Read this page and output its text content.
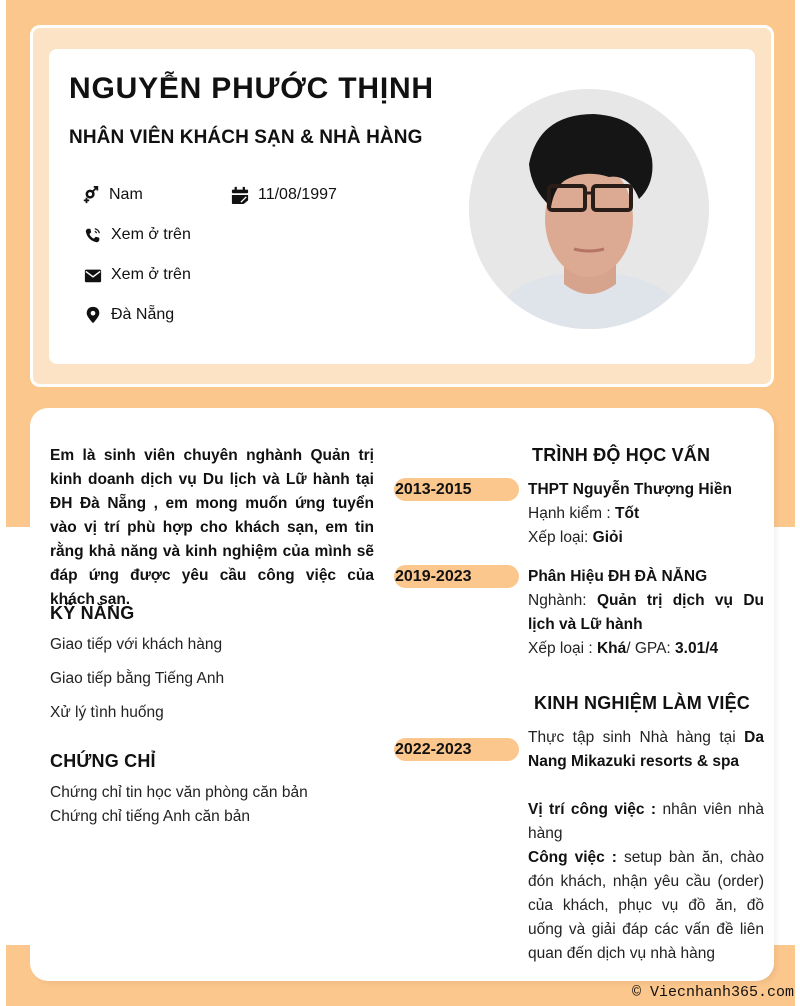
NGUYỄN PHƯỚC THỊNH
NHÂN VIÊN KHÁCH SẠN & NHÀ HÀNG
Nam	11/08/1997
Xem ở trên
Xem ở trên
Đà Nẵng
Em là sinh viên chuyên nghành Quản trị kinh doanh dịch vụ Du lịch và Lữ hành tại ĐH Đà Nẵng , em mong muốn ứng tuyển vào vị trí phù hợp cho khách sạn, em tin rằng khả năng và kinh nghiệm của mình sẽ đáp ứng được yêu cầu công việc của khách sạn.
KỸ NĂNG
Giao tiếp với khách hàng
Giao tiếp bằng Tiếng Anh
Xử lý tình huống
CHỨNG CHỈ
Chứng chỉ tin học văn phòng căn bản
Chứng chỉ tiếng Anh căn bản
TRÌNH ĐỘ HỌC VẤN
2013-2015	THPT Nguyễn Thượng Hiền
Hạnh kiểm : Tốt
Xếp loại: Giỏi
2019-2023	Phân Hiệu ĐH ĐÀ NẴNG
Nghành: Quản trị dịch vụ Du lịch và Lữ hành
Xếp loại : Khá/ GPA: 3.01/4
KINH NGHIỆM LÀM VIỆC
2022-2023
Thực tập sinh Nhà hàng tại Da Nang Mikazuki resorts & spa
Vị trí công việc : nhân viên nhà hàng
Công việc : setup bàn ăn, chào đón khách, nhận yêu cầu (order) của khách, phục vụ đồ ăn, đồ uống và giải đáp các vấn đề liên quan đến dịch vụ nhà hàng
© Viecnhanh365.com
